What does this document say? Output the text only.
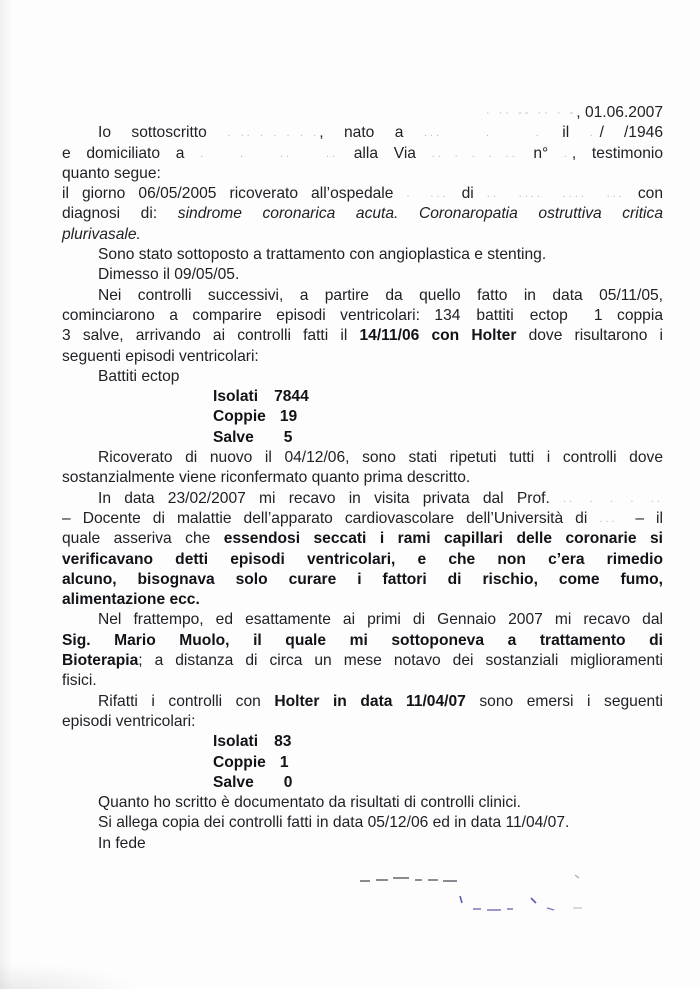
· ·· ‐‐ ·· · ‐, 01.06.2007
Io sottoscritto . .. . . . . ., nato a ... . . il . / /1946
e domiciliato a . . .. .. alla Via .. . . . .. n° . , testimonio
quanto segue:
il giorno 06/05/2005 ricoverato all’ospedale . ... di .. .... .... ... con
diagnosi di: sindrome coronarica acuta. Coronaropatia ostruttiva critica
plurivasale.
Sono stato sottoposto a trattamento con angioplastica e stenting.
Dimesso il 09/05/05.
Nei controlli successivi, a partire da quello fatto in data 05/11/05,
cominciarono a comparire episodi ventricolari: 134 battiti ectop 1 coppia
3 salve, arrivando ai controlli fatti il 14/11/06 con Holter dove risultarono i
seguenti episodi ventricolari:
Battiti ectop
Isolati 7844
Coppie 19
Salve 5
Ricoverato di nuovo il 04/12/06, sono stati ripetuti tutti i controlli dove
sostanzialmente viene riconfermato quanto prima descritto.
In data 23/02/2007 mi recavo in visita privata dal Prof. .. . . . ..
– Docente di malattie dell’apparato cardiovascolare dell’Università di ... – il
quale asseriva che essendosi seccati i rami capillari delle coronarie si
verificavano detti episodi ventricolari, e che non c’era rimedio
alcuno, bisognava solo curare i fattori di rischio, come fumo,
alimentazione ecc.
Nel frattempo, ed esattamente ai primi di Gennaio 2007 mi recavo dal
Sig. Mario Muolo, il quale mi sottoponeva a trattamento di
Bioterapia; a distanza di circa un mese notavo dei sostanziali miglioramenti
fisici.
Rifatti i controlli con Holter in data 11/04/07 sono emersi i seguenti
episodi ventricolari:
Isolati 83
Coppie 1
Salve 0
Quanto ho scritto è documentato da risultati di controlli clinici.
Si allega copia dei controlli fatti in data 05/12/06 ed in data 11/04/07.
In fede
